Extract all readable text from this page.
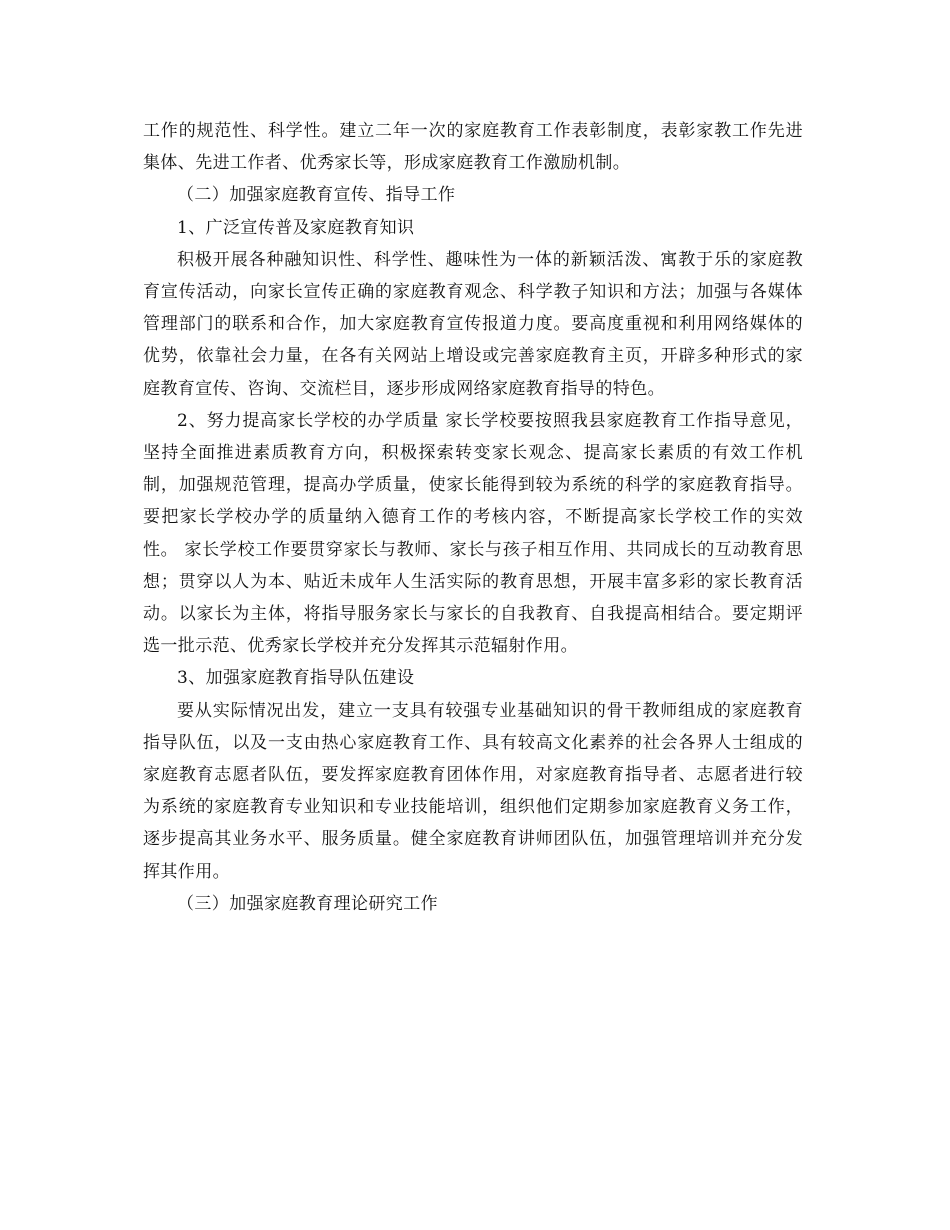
工作的规范性、科学性。建立二年一次的家庭教育工作表彰制度，表彰家教工作先进集体、先进工作者、优秀家长等，形成家庭教育工作激励机制。

（二）加强家庭教育宣传、指导工作

1、广泛宣传普及家庭教育知识

积极开展各种融知识性、科学性、趣味性为一体的新颖活泼、寓教于乐的家庭教育宣传活动，向家长宣传正确的家庭教育观念、科学教子知识和方法；加强与各媒体管理部门的联系和合作，加大家庭教育宣传报道力度。要高度重视和利用网络媒体的优势，依靠社会力量，在各有关网站上增设或完善家庭教育主页，开辟多种形式的家庭教育宣传、咨询、交流栏目，逐步形成网络家庭教育指导的特色。

2、努力提高家长学校的办学质量 家长学校要按照我县家庭教育工作指导意见，坚持全面推进素质教育方向，积极探索转变家长观念、提高家长素质的有效工作机制，加强规范管理，提高办学质量，使家长能得到较为系统的科学的家庭教育指导。要把家长学校办学的质量纳入德育工作的考核内容，不断提高家长学校工作的实效性。 家长学校工作要贯穿家长与教师、家长与孩子相互作用、共同成长的互动教育思想；贯穿以人为本、贴近未成年人生活实际的教育思想，开展丰富多彩的家长教育活动。以家长为主体，将指导服务家长与家长的自我教育、自我提高相结合。要定期评选一批示范、优秀家长学校并充分发挥其示范辐射作用。

3、加强家庭教育指导队伍建设

要从实际情况出发，建立一支具有较强专业基础知识的骨干教师组成的家庭教育指导队伍，以及一支由热心家庭教育工作、具有较高文化素养的社会各界人士组成的家庭教育志愿者队伍，要发挥家庭教育团体作用，对家庭教育指导者、志愿者进行较为系统的家庭教育专业知识和专业技能培训，组织他们定期参加家庭教育义务工作，逐步提高其业务水平、服务质量。健全家庭教育讲师团队伍，加强管理培训并充分发挥其作用。

（三）加强家庭教育理论研究工作
